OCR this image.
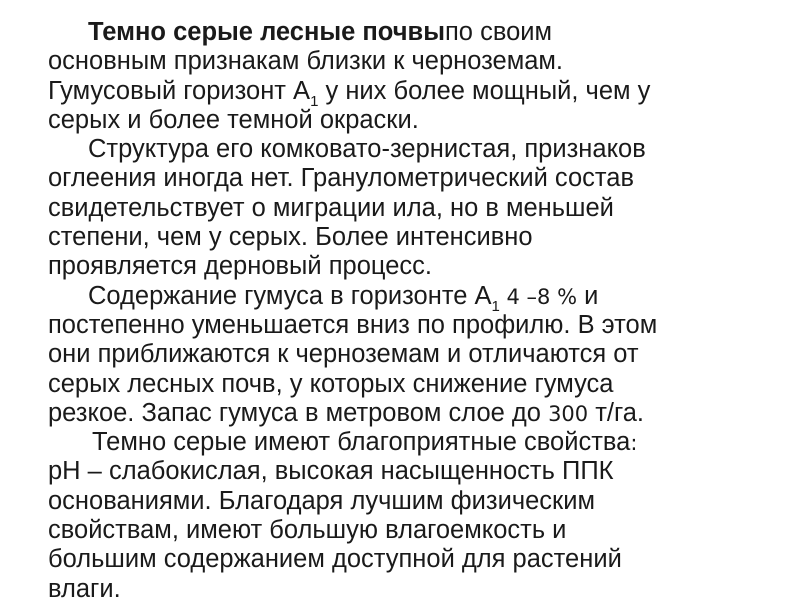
Темно серые лесные почвыпо своим
основным признакам близки к черноземам.
Гумусовый горизонт $А_1$ у них более мощный, чем у
серых и более темной окраски.
Структура его комковато-зернистая, признаков
оглеения иногда нет. Гранулометрический состав
свидетельствует о миграции ила, но в меньшей
степени, чем у серых. Более интенсивно
проявляется дерновый процесс.
Содержание гумуса в горизонте $А_1$ 4 –8 % и
постепенно уменьшается вниз по профилю. В этом
они приближаются к черноземам и отличаются от
серых лесных почв, у которых снижение гумуса
резкое. Запас гумуса в метровом слое до 300 т/га.
Темно серые имеют благоприятные свойства:
рН – слабокислая, высокая насыщенность ППК
основаниями. Благодаря лучшим физическим
свойствам, имеют большую влагоемкость и
большим содержанием доступной для растений
влаги.
